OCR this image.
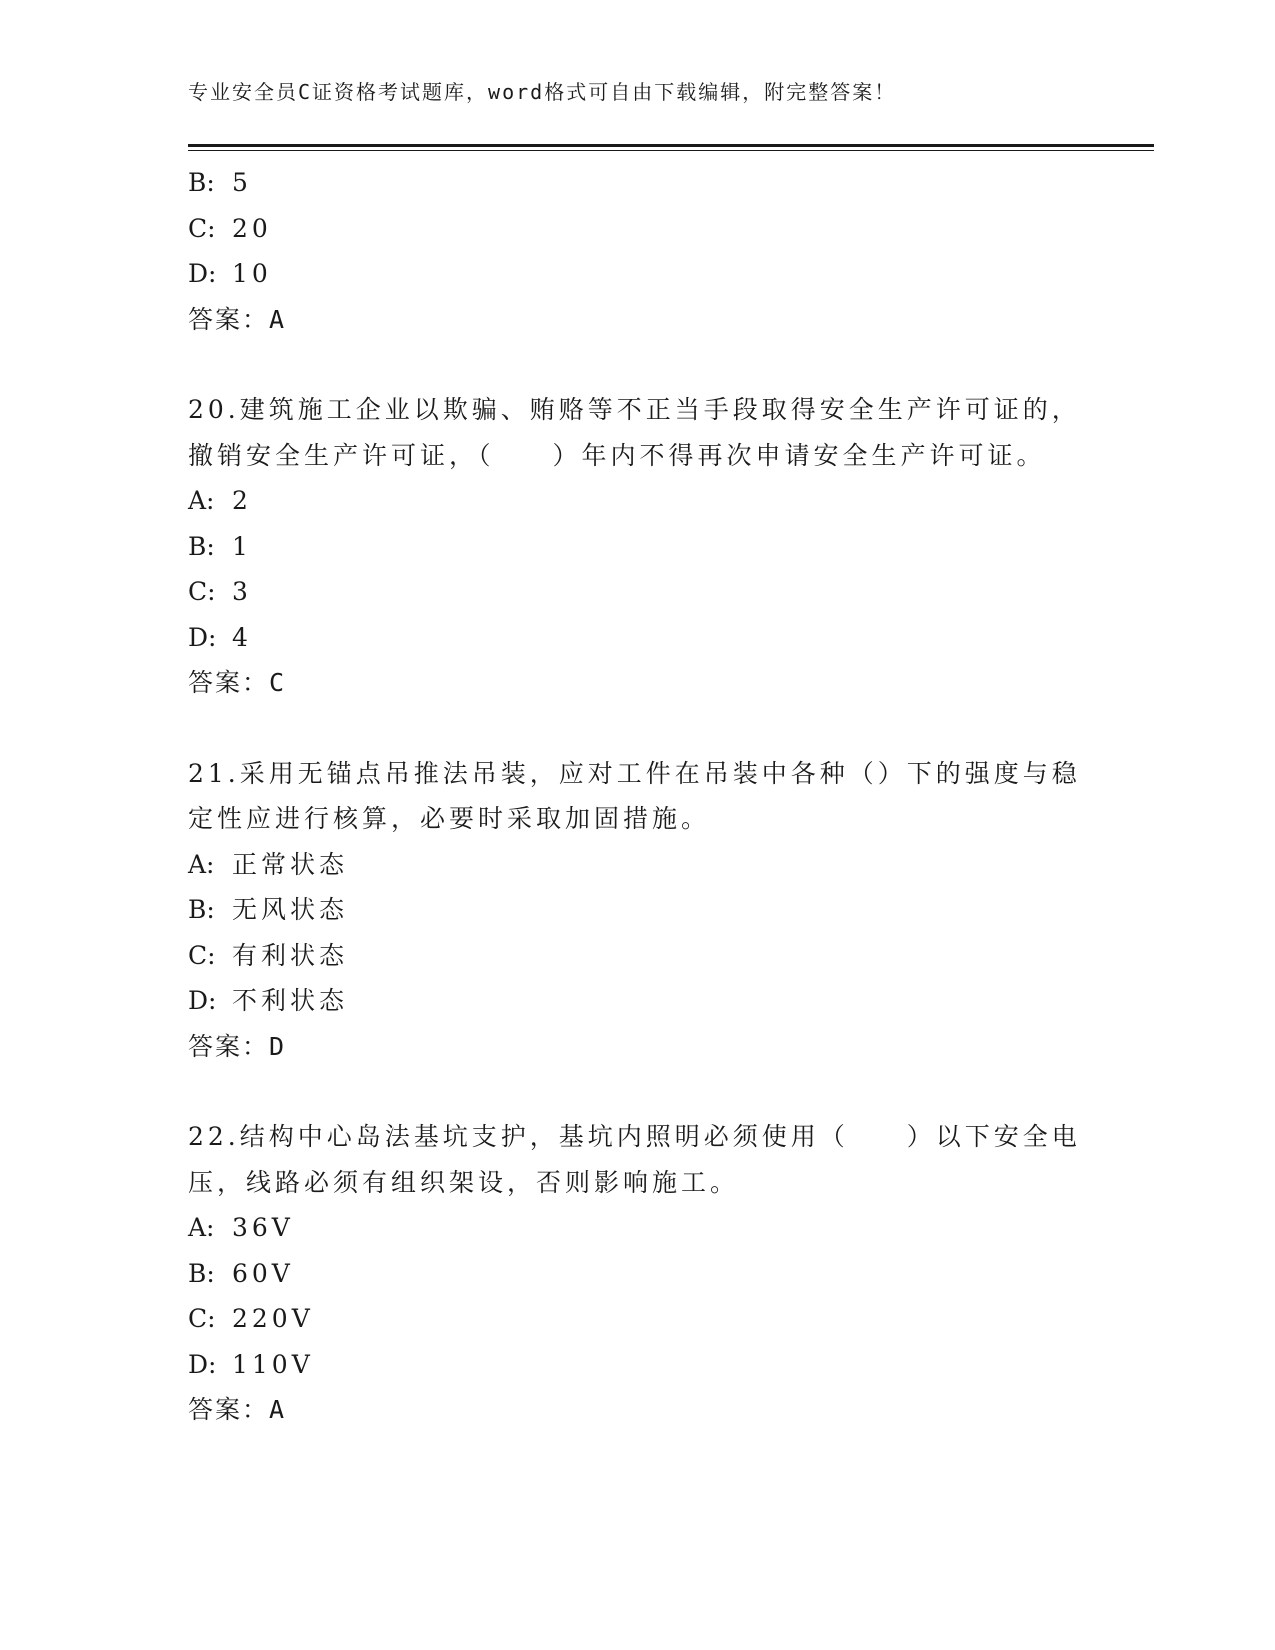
专业安全员C证资格考试题库，word格式可自由下载编辑，附完整答案！
B: 5
C: 20
D: 10
答案：A
20.建筑施工企业以欺骗、贿赂等不正当手段取得安全生产许可证的，
撤销安全生产许可证，（　　）年内不得再次申请安全生产许可证。
A: 2
B: 1
C: 3
D: 4
答案：C
21.采用无锚点吊推法吊装，应对工件在吊装中各种（）下的强度与稳
定性应进行核算，必要时采取加固措施。
A: 正常状态
B: 无风状态
C: 有利状态
D: 不利状态
答案：D
22.结构中心岛法基坑支护，基坑内照明必须使用（　　）以下安全电
压，线路必须有组织架设，否则影响施工。
A: 36V
B: 60V
C: 220V
D: 110V
答案：A
